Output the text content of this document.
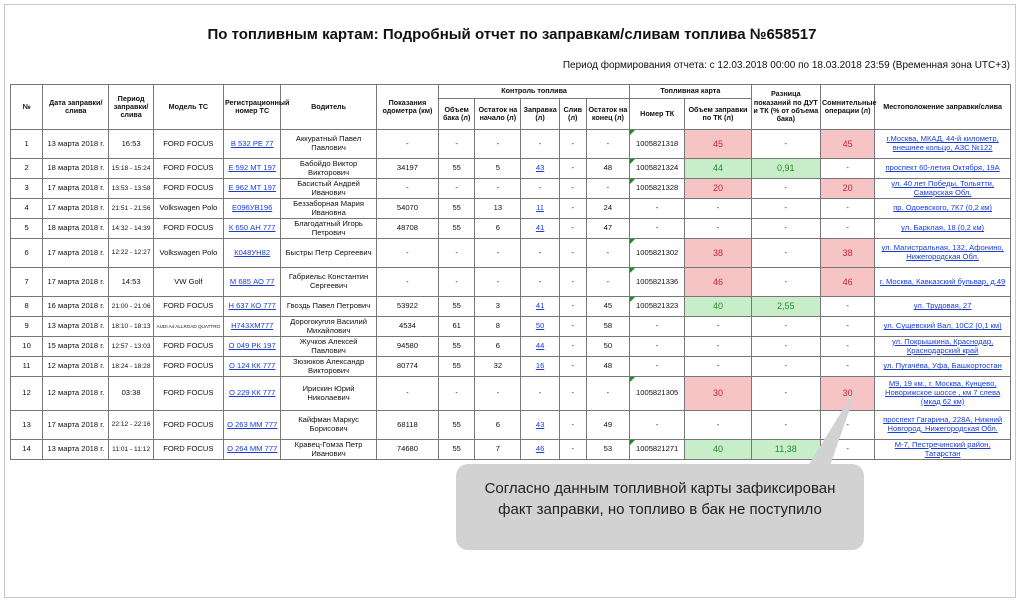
По топливным картам: Подробный отчет по заправкам/сливам топлива №658517
Период формирования отчета: с 12.03.2018 00:00 по 18.03.2018 23:59 (Временная зона UTC+3)
№	Дата заправки/слива	Период заправки/слива	Модель ТС	Регистрационный номер ТС	Водитель	Показания одометра (км)	Контроль топлива					Топливная карта		Разница показаний по ДУТ и ТК (% от объема бака)	Сомнительные операции (л)	Местоположение заправки/слива
							Объем бака (л)	Остаток на начало (л)	Заправка (л)	Слив (л)	Остаток на конец (л)	Номер ТК	Объем заправки по ТК (л)			
1	13 марта 2018 г.	16:53	FORD FOCUS	В 532 РЕ 77	Аккуратный Павел Павлович	-	-	-	-	-	-	1005821318	45	-	45	г.Москва, МКАД, 44-й километр, внешнее кольцо, АЗС №122
2	18 марта 2018 г.	15:18 - 15:24	FORD FOCUS	Е 592 МТ 197	Бабойдо Виктор Викторович	34197	55	5	43	-	48	1005821324	44	0,91	-	проспект 60-летия Октября, 19А
3	17 марта 2018 г.	13:53 - 13:58	FORD FOCUS	Е 962 МТ 197	Басистый Андрей Иванович	-	-	-	-	-	-	1005821328	20	-	20	ул. 40 лет Победы, Тольятти, Самарская Обл.
4	17 марта 2018 г.	21:51 - 21:56	Volkswagen Polo	Е096УВ196	Беззаборная Мария Ивановна	54070	55	13	11	-	24	-	-	-	-	пр. Одоевского, 7К7 (0,2 км)
5	18 марта 2018 г.	14:32 - 14:39	FORD FOCUS	К 650 АН 777	Благодатный Игорь Петрович	48708	55	6	41	-	47	-	-	-	-	ул. Барклая, 18 (0,2 км)
6	17 марта 2018 г.	12:22 - 12:27	Volkswagen Polo	К048УН82	Быстры Петр Сергеевич	-	-	-	-	-	-	1005821302	38	-	38	ул. Магистральная, 132, Афонино, Нижегородская Обл.
7	17 марта 2018 г.	14:53	VW Golf	М 685 АО 77	Габриельс Константин Сергеевич	-	-	-	-	-	-	1005821336	46	-	46	г. Москва, Кавказский бульвар, д.49
8	16 марта 2018 г.	21:00 - 21:06	FORD FOCUS	Н 637 КО 777	Гвоздь Павел Петрович	53922	55	3	41	-	45	1005821323	40	2,55	-	ул. Трудовая, 27
9	13 марта 2018 г.	18:10 - 18:13	AUDI A4 ALLROAD QUATTRO	Н743ХМ777	Дорогокупля Василий Михайлович	4534	61	8	50	-	58	-	-	-	-	ул. Сущевский Вал, 10С2 (0,1 км)
10	15 марта 2018 г.	12:57 - 13:03	FORD FOCUS	О 049 РК 197	Жучков Алексей Павлович	94580	55	6	44	-	50	-	-	-	-	ул. Покрышкина, Краснодар, Краснодарский край
11	12 марта 2018 г.	18:24 - 18:28	FORD FOCUS	О 124 КК 777	Зюзюков Александр Викторович	80774	55	32	16	-	48	-	-	-	-	ул. Пугачёва, Уфа, Башкортостан
12	12 марта 2018 г.	03:38	FORD FOCUS	О 229 КК 777	Ирискин Юрий Николаевич	-	-	-	-	-	-	1005821305	30	-	30	М9, 19 км., г. Москва, Кунцево, Новорижское шоссе , км 7 слева (мкад 62 км)
13	17 марта 2018 г.	22:12 - 22:16	FORD FOCUS	О 263 ММ 777	Кайфман Маркус Борисович	68118	55	6	43	-	49	-	-	-	-	проспект Гагарина, 228А, Нижний Новгород, Нижегородская Обл.
14	13 марта 2018 г.	11:01 - 11:12	FORD FOCUS	О 264 ММ 777	Кравец-Гомза Петр Иванович	74680	55	7	46	-	53	1005821271	40	11,38	-	М-7, Пестречинский район, Татарстан
Согласно данным топливной карты зафиксирован факт заправки, но топливо в бак не поступило
